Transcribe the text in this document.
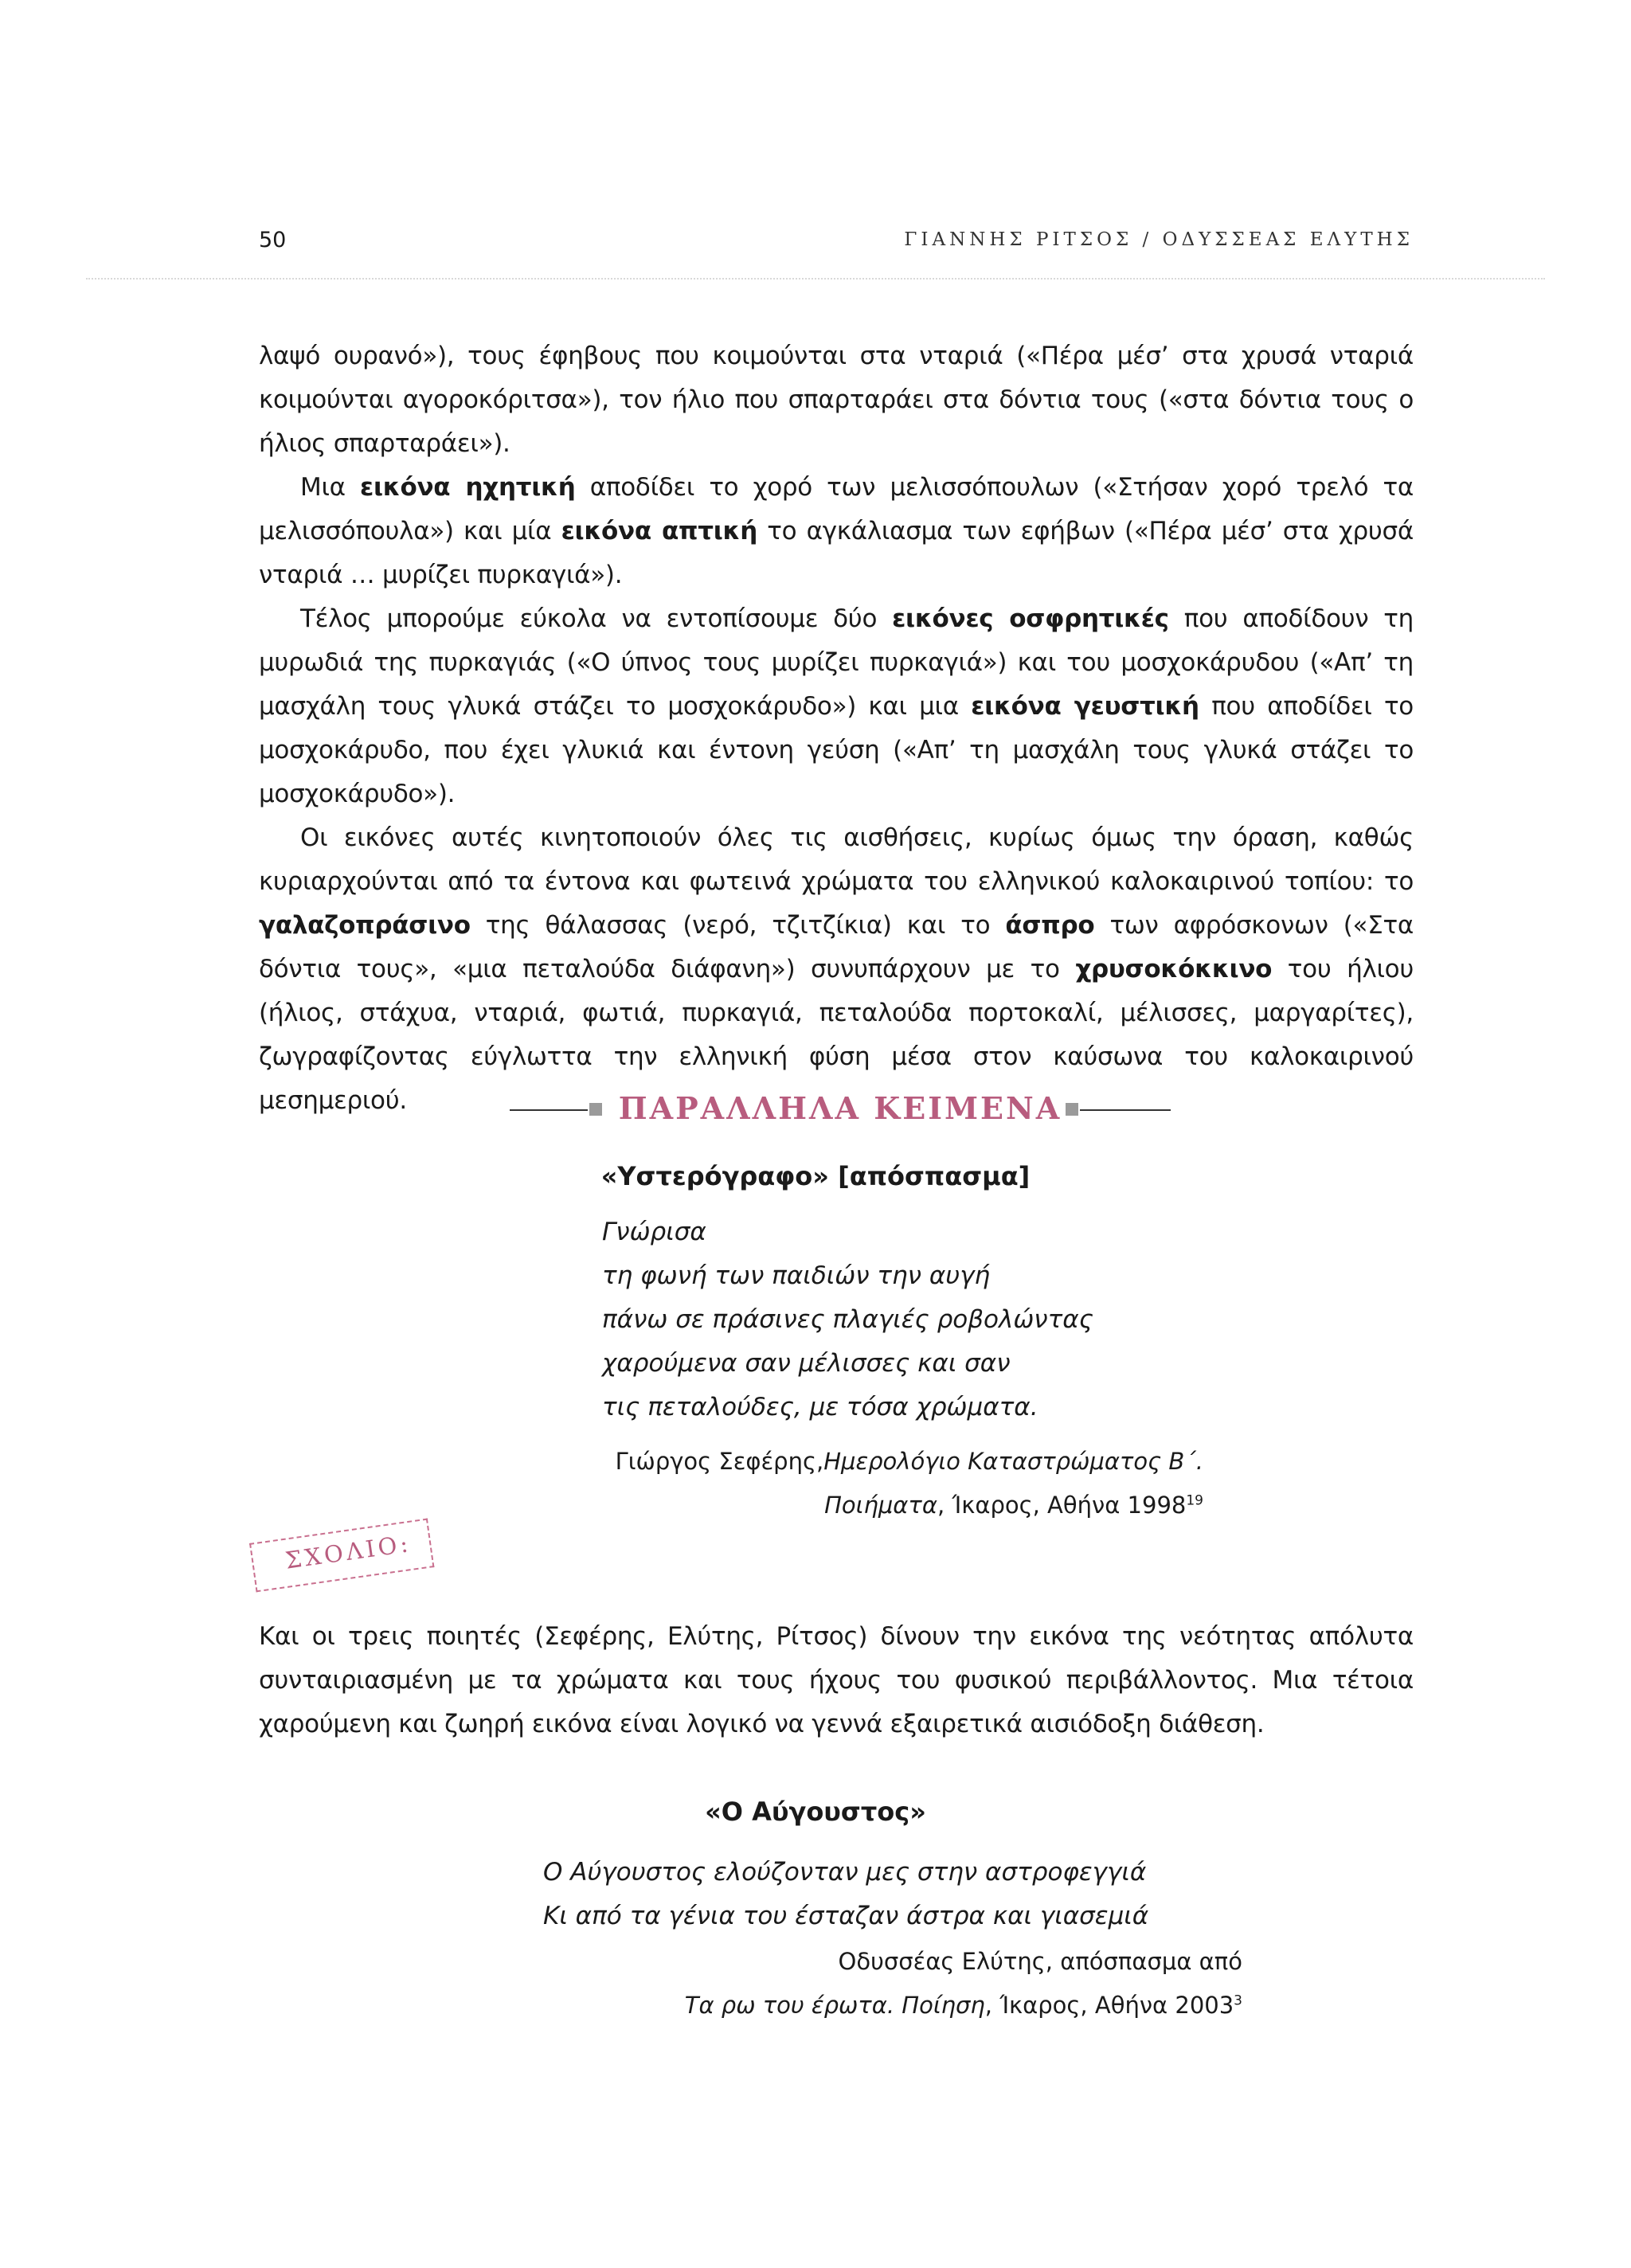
50	ΓΙΑΝΝΗΣ ΡΙΤΣΟΣ / ΟΔΥΣΣΕΑΣ ΕΛΥΤΗΣ

λαψό ουρανό»), τους έφηβους που κοιμούνται στα νταριά («Πέρα μέσ’ στα χρυσά νταριά κοιμούνται αγοροκόριτσα»), τον ήλιο που σπαρταράει στα δόντια τους («στα δόντια τους ο ήλιος σπαρταράει»).

Μια εικόνα ηχητική αποδίδει το χορό των μελισσόπουλων («Στήσαν χορό τρελό τα μελισσόπουλα») και μία εικόνα απτική το αγκάλιασμα των εφήβων («Πέρα μέσ’ στα χρυσά νταριά … μυρίζει πυρκαγιά»).

Τέλος μπορούμε εύκολα να εντοπίσουμε δύο εικόνες οσφρητικές που αποδίδουν τη μυρωδιά της πυρκαγιάς («Ο ύπνος τους μυρίζει πυρκαγιά») και του μοσχοκάρυδου («Απ’ τη μασχάλη τους γλυκά στάζει το μοσχοκάρυδο») και μια εικόνα γευστική που αποδίδει το μοσχοκάρυδο, που έχει γλυκιά και έντονη γεύση («Απ’ τη μασχάλη τους γλυκά στάζει το μοσχοκάρυδο»).

Οι εικόνες αυτές κινητοποιούν όλες τις αισθήσεις, κυρίως όμως την όραση, καθώς κυριαρχούνται από τα έντονα και φωτεινά χρώματα του ελληνικού καλοκαιρινού τοπίου: το γαλαζοπράσινο της θάλασσας (νερό, τζιτζίκια) και το άσπρο των αφρόσκονων («Στα δόντια τους», «μια πεταλούδα διάφανη») συνυπάρχουν με το χρυσοκόκκινο του ήλιου (ήλιος, στάχυα, νταριά, φωτιά, πυρκαγιά, πεταλούδα πορτοκαλί, μέλισσες, μαργαρίτες), ζωγραφίζοντας εύγλωττα την ελληνική φύση μέσα στον καύσωνα του καλοκαιρινού μεσημεριού.	ΠΑΡΑΛΛΗΛΑ ΚΕΙΜΕΝΑ
«Υστερόγραφο» [απόσπασμα]
Γνώρισα
τη φωνή των παιδιών την αυγή
πάνω σε πράσινες πλαγιές ροβολώντας
χαρούμενα σαν μέλισσες και σαν
τις πεταλούδες, με τόσα χρώματα.
Γιώργος Σεφέρης,Ημερολόγιο Καταστρώματος Β΄.
Ποιήματα, Ίκαρος, Αθήνα 1998$^{19}$
ΣΧΟΛΙΟ:

Και οι τρεις ποιητές (Σεφέρης, Ελύτης, Ρίτσος) δίνουν την εικόνα της νεότητας απόλυτα συνταιριασμένη με τα χρώματα και τους ήχους του φυσικού περιβάλλοντος. Μια τέτοια χαρούμενη και ζωηρή εικόνα είναι λογικό να γεννά εξαιρετικά αισιόδοξη διάθεση.

«Ο Αύγουστος»
Ο Αύγουστος ελούζονταν μες στην αστροφεγγιά
Κι από τα γένια του έσταζαν άστρα και γιασεμιά
Οδυσσέας Ελύτης, απόσπασμα από
Τα ρω του έρωτα. Ποίηση, Ίκαρος, Αθήνα 2003$^3$
